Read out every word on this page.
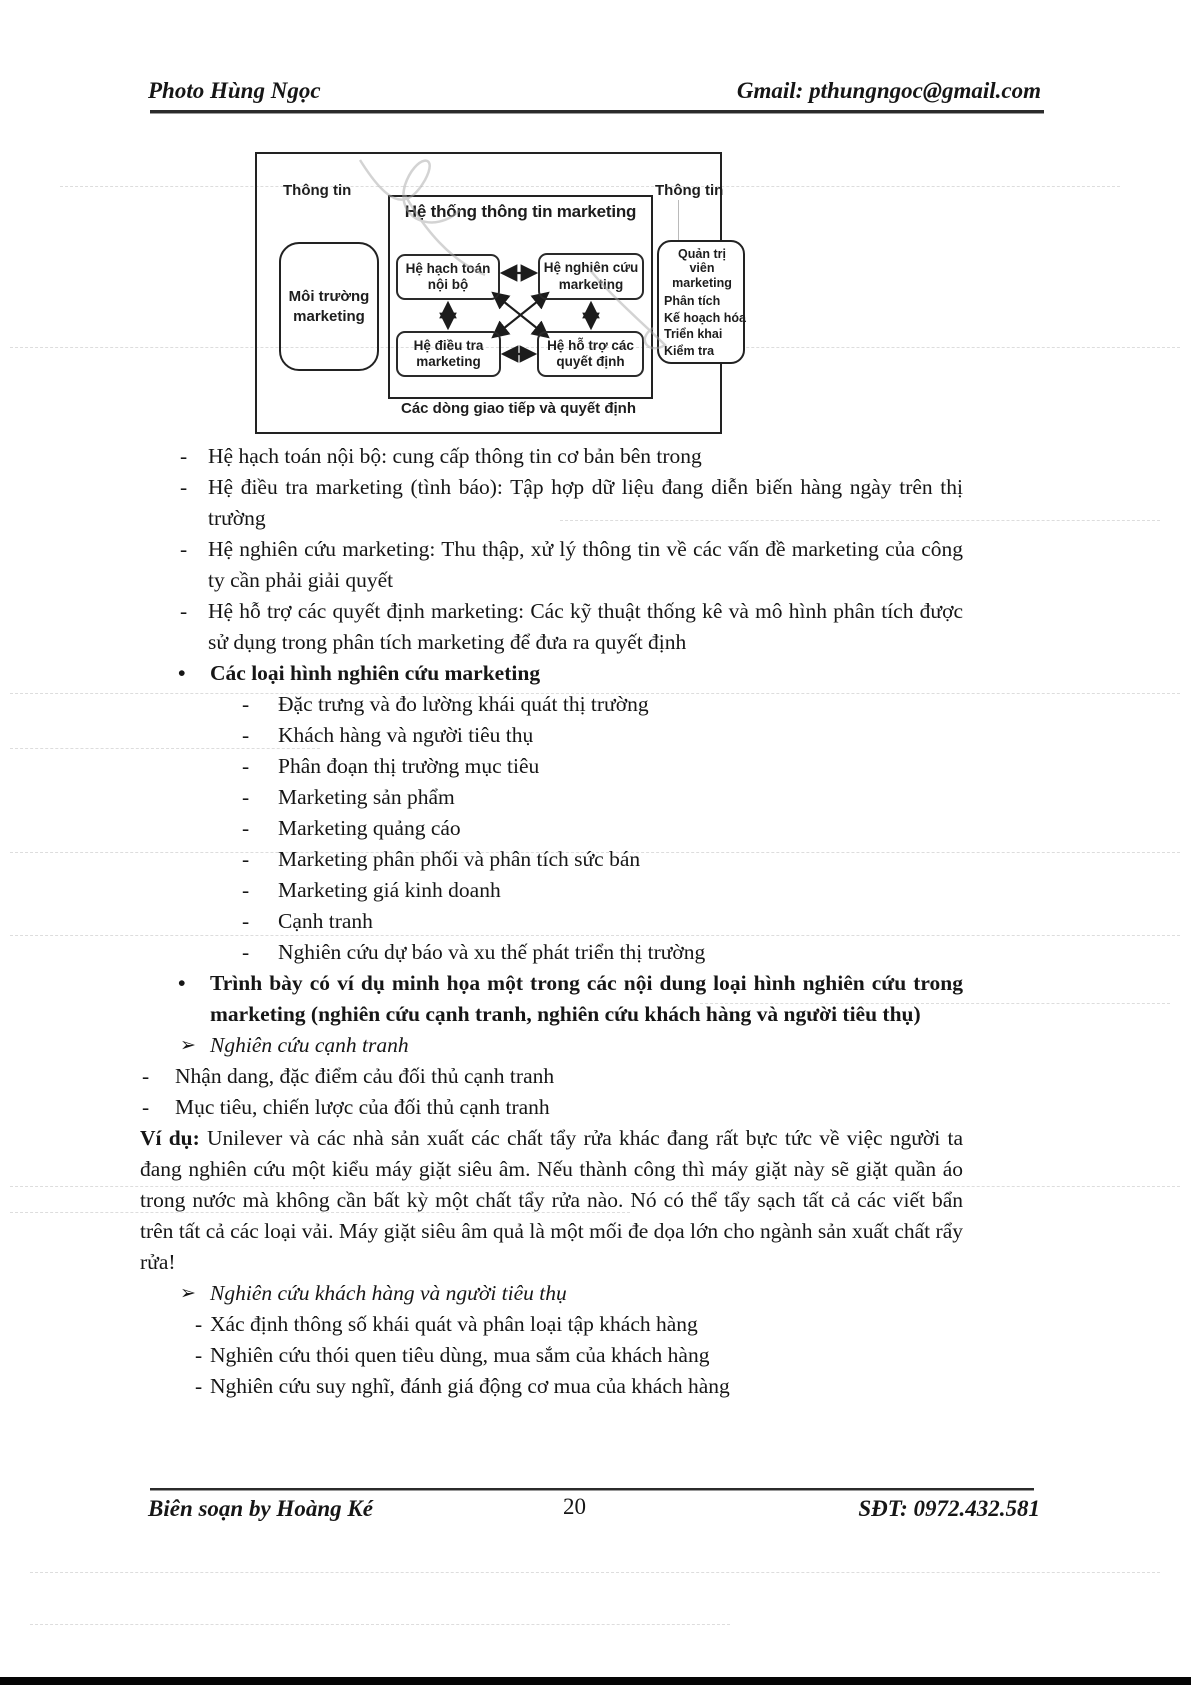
Photo Hùng Ngọc	Gmail: pthungngoc@gmail.com
Thông tin	Thông tin
Môi trường marketing
Hệ thống thông tin marketing
Hệ hạch toán nội bộ
Hệ nghiên cứu marketing
Hệ điều tra marketing
Hệ hỗ trợ các quyết định
Quản trị viên marketing
Phân tích
Kế hoạch hóa
Triển khai
Kiểm tra
Các dòng giao tiếp và quyết định
- Hệ hạch toán nội bộ: cung cấp thông tin cơ bản bên trong
- Hệ điều tra marketing (tình báo): Tập hợp dữ liệu đang diễn biến hàng ngày trên thị trường
- Hệ nghiên cứu marketing: Thu thập, xử lý thông tin về các vấn đề marketing của công ty cần phải giải quyết
- Hệ hỗ trợ các quyết định marketing: Các kỹ thuật thống kê và mô hình phân tích được sử dụng trong phân tích marketing để đưa ra quyết định
• Các loại hình nghiên cứu marketing
- Đặc trưng và đo lường khái quát thị trường
- Khách hàng và người tiêu thụ
- Phân đoạn thị trường mục tiêu
- Marketing sản phẩm
- Marketing quảng cáo
- Marketing phân phối và phân tích sức bán
- Marketing giá kinh doanh
- Cạnh tranh
- Nghiên cứu dự báo và xu thế phát triển thị trường
• Trình bày có ví dụ minh họa một trong các nội dung loại hình nghiên cứu trong marketing (nghiên cứu cạnh tranh, nghiên cứu khách hàng và người tiêu thụ)
➢ Nghiên cứu cạnh tranh
- Nhận dang, đặc điểm cảu đối thủ cạnh tranh
- Mục tiêu, chiến lược của đối thủ cạnh tranh
Ví dụ: Unilever và các nhà sản xuất các chất tẩy rửa khác đang rất bực tức về việc người ta đang nghiên cứu một kiểu máy giặt siêu âm. Nếu thành công thì máy giặt này sẽ giặt quần áo trong nước mà không cần bất kỳ một chất tẩy rửa nào. Nó có thể tẩy sạch tất cả các viết bẩn trên tất cả các loại vải. Máy giặt siêu âm quả là một mối đe dọa lớn cho ngành sản xuất chất rẩy rửa!
➢ Nghiên cứu khách hàng và người tiêu thụ
- Xác định thông số khái quát và phân loại tập khách hàng
- Nghiên cứu thói quen tiêu dùng, mua sắm của khách hàng
- Nghiên cứu suy nghĩ, đánh giá động cơ mua của khách hàng
Biên soạn by Hoàng Ké	20	SĐT: 0972.432.581
